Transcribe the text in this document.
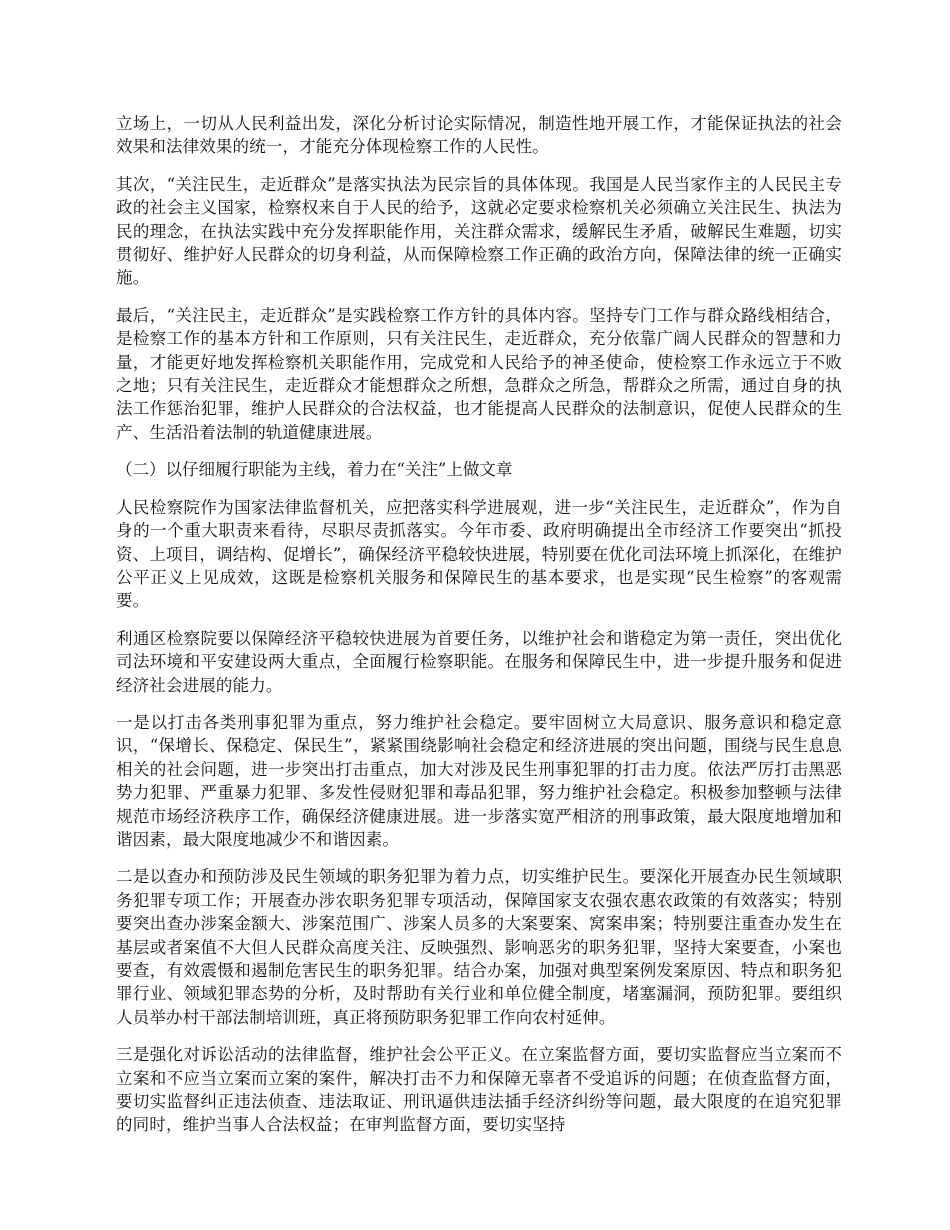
立场上，一切从人民利益出发，深化分析讨论实际情况，制造性地开展工作，才能保证执法的社会效果和法律效果的统一，才能充分体现检察工作的人民性。

其次，“关注民生，走近群众”是落实执法为民宗旨的具体体现。我国是人民当家作主的人民民主专政的社会主义国家，检察权来自于人民的给予，这就必定要求检察机关必须确立关注民生、执法为民的理念，在执法实践中充分发挥职能作用，关注群众需求，缓解民生矛盾，破解民生难题，切实贯彻好、维护好人民群众的切身利益，从而保障检察工作正确的政治方向，保障法律的统一正确实施。

最后，“关注民主，走近群众”是实践检察工作方针的具体内容。坚持专门工作与群众路线相结合，是检察工作的基本方针和工作原则，只有关注民生，走近群众，充分依靠广阔人民群众的智慧和力量，才能更好地发挥检察机关职能作用，完成党和人民给予的神圣使命，使检察工作永远立于不败之地；只有关注民生，走近群众才能想群众之所想，急群众之所急，帮群众之所需，通过自身的执法工作惩治犯罪，维护人民群众的合法权益，也才能提高人民群众的法制意识，促使人民群众的生产、生活沿着法制的轨道健康进展。

（二）以仔细履行职能为主线，着力在“关注”上做文章

人民检察院作为国家法律监督机关，应把落实科学进展观，进一步“关注民生，走近群众”，作为自身的一个重大职责来看待，尽职尽责抓落实。今年市委、政府明确提出全市经济工作要突出“抓投资、上项目，调结构、促增长”，确保经济平稳较快进展，特别要在优化司法环境上抓深化，在维护公平正义上见成效，这既是检察机关服务和保障民生的基本要求，也是实现“民生检察”的客观需要。

利通区检察院要以保障经济平稳较快进展为首要任务，以维护社会和谐稳定为第一责任，突出优化司法环境和平安建设两大重点，全面履行检察职能。在服务和保障民生中，进一步提升服务和促进经济社会进展的能力。

一是以打击各类刑事犯罪为重点，努力维护社会稳定。要牢固树立大局意识、服务意识和稳定意识，“保增长、保稳定、保民生”，紧紧围绕影响社会稳定和经济进展的突出问题，围绕与民生息息相关的社会问题，进一步突出打击重点，加大对涉及民生刑事犯罪的打击力度。依法严厉打击黑恶势力犯罪、严重暴力犯罪、多发性侵财犯罪和毒品犯罪，努力维护社会稳定。积极参加整顿与法律规范市场经济秩序工作，确保经济健康进展。进一步落实宽严相济的刑事政策，最大限度地增加和谐因素，最大限度地减少不和谐因素。

二是以查办和预防涉及民生领域的职务犯罪为着力点，切实维护民生。要深化开展查办民生领域职务犯罪专项工作；开展查办涉农职务犯罪专项活动，保障国家支农强农惠农政策的有效落实；特别要突出查办涉案金额大、涉案范围广、涉案人员多的大案要案、窝案串案；特别要注重查办发生在基层或者案值不大但人民群众高度关注、反映强烈、影响恶劣的职务犯罪，坚持大案要查，小案也要查，有效震慑和遏制危害民生的职务犯罪。结合办案，加强对典型案例发案原因、特点和职务犯罪行业、领域犯罪态势的分析，及时帮助有关行业和单位健全制度，堵塞漏洞，预防犯罪。要组织人员举办村干部法制培训班，真正将预防职务犯罪工作向农村延伸。

三是强化对诉讼活动的法律监督，维护社会公平正义。在立案监督方面，要切实监督应当立案而不立案和不应当立案而立案的案件，解决打击不力和保障无辜者不受追诉的问题；在侦查监督方面，要切实监督纠正违法侦查、违法取证、刑讯逼供违法插手经济纠纷等问题，最大限度的在追究犯罪的同时，维护当事人合法权益；在审判监督方面，要切实坚持
